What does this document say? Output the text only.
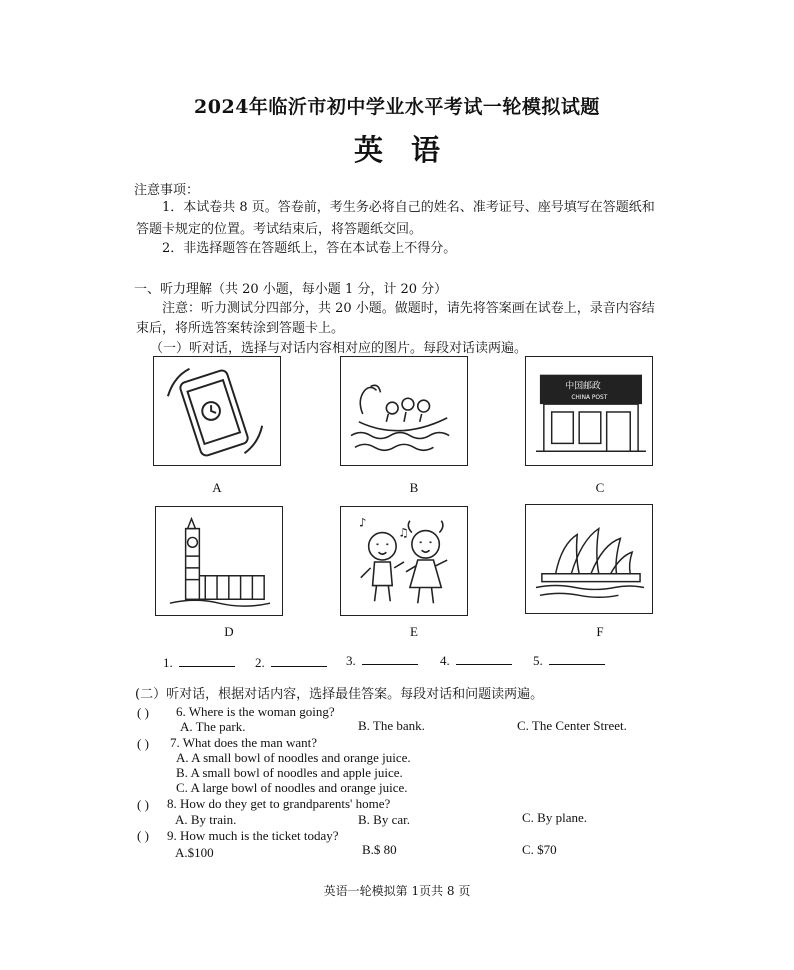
2024年临沂市初中学业水平考试一轮模拟试题
英语
注意事项：
1．本试卷共 8 页。答卷前，考生务必将自己的姓名、准考证号、座号填写在答题纸和
答题卡规定的位置。考试结束后，将答题纸交回。
2．非选择题答在答题纸上，答在本试卷上不得分。
一、听力理解（共 20 小题，每小题 1 分，计 20 分）
注意：听力测试分四部分，共 20 小题。做题时，请先将答案画在试卷上，录音内容结
束后，将所选答案转涂到答题卡上。
（一）听对话，选择与对话内容相对应的图片。每段对话读两遍。
A	B
中国邮政
CHINA POST
C
D
♪
♫
E	F
1.	2.	3.	4.	5.
(二）听对话，根据对话内容，选择最佳答案。每段对话和问题读两遍。
( ) 6. Where is the woman going?
A. The park.	B. The bank.	C. The Center Street.
( ) 7. What does the man want?
A. A small bowl of noodles and orange juice.
B. A small bowl of noodles and apple juice.
C. A large bowl of noodles and orange juice.
( ) 8. How do they get to grandparents' home?
A. By train.	B. By car.	C. By plane.
( ) 9. How much is the ticket today?
A.$100	B.$ 80	C. $70
英语一轮模拟第 1页共 8 页
